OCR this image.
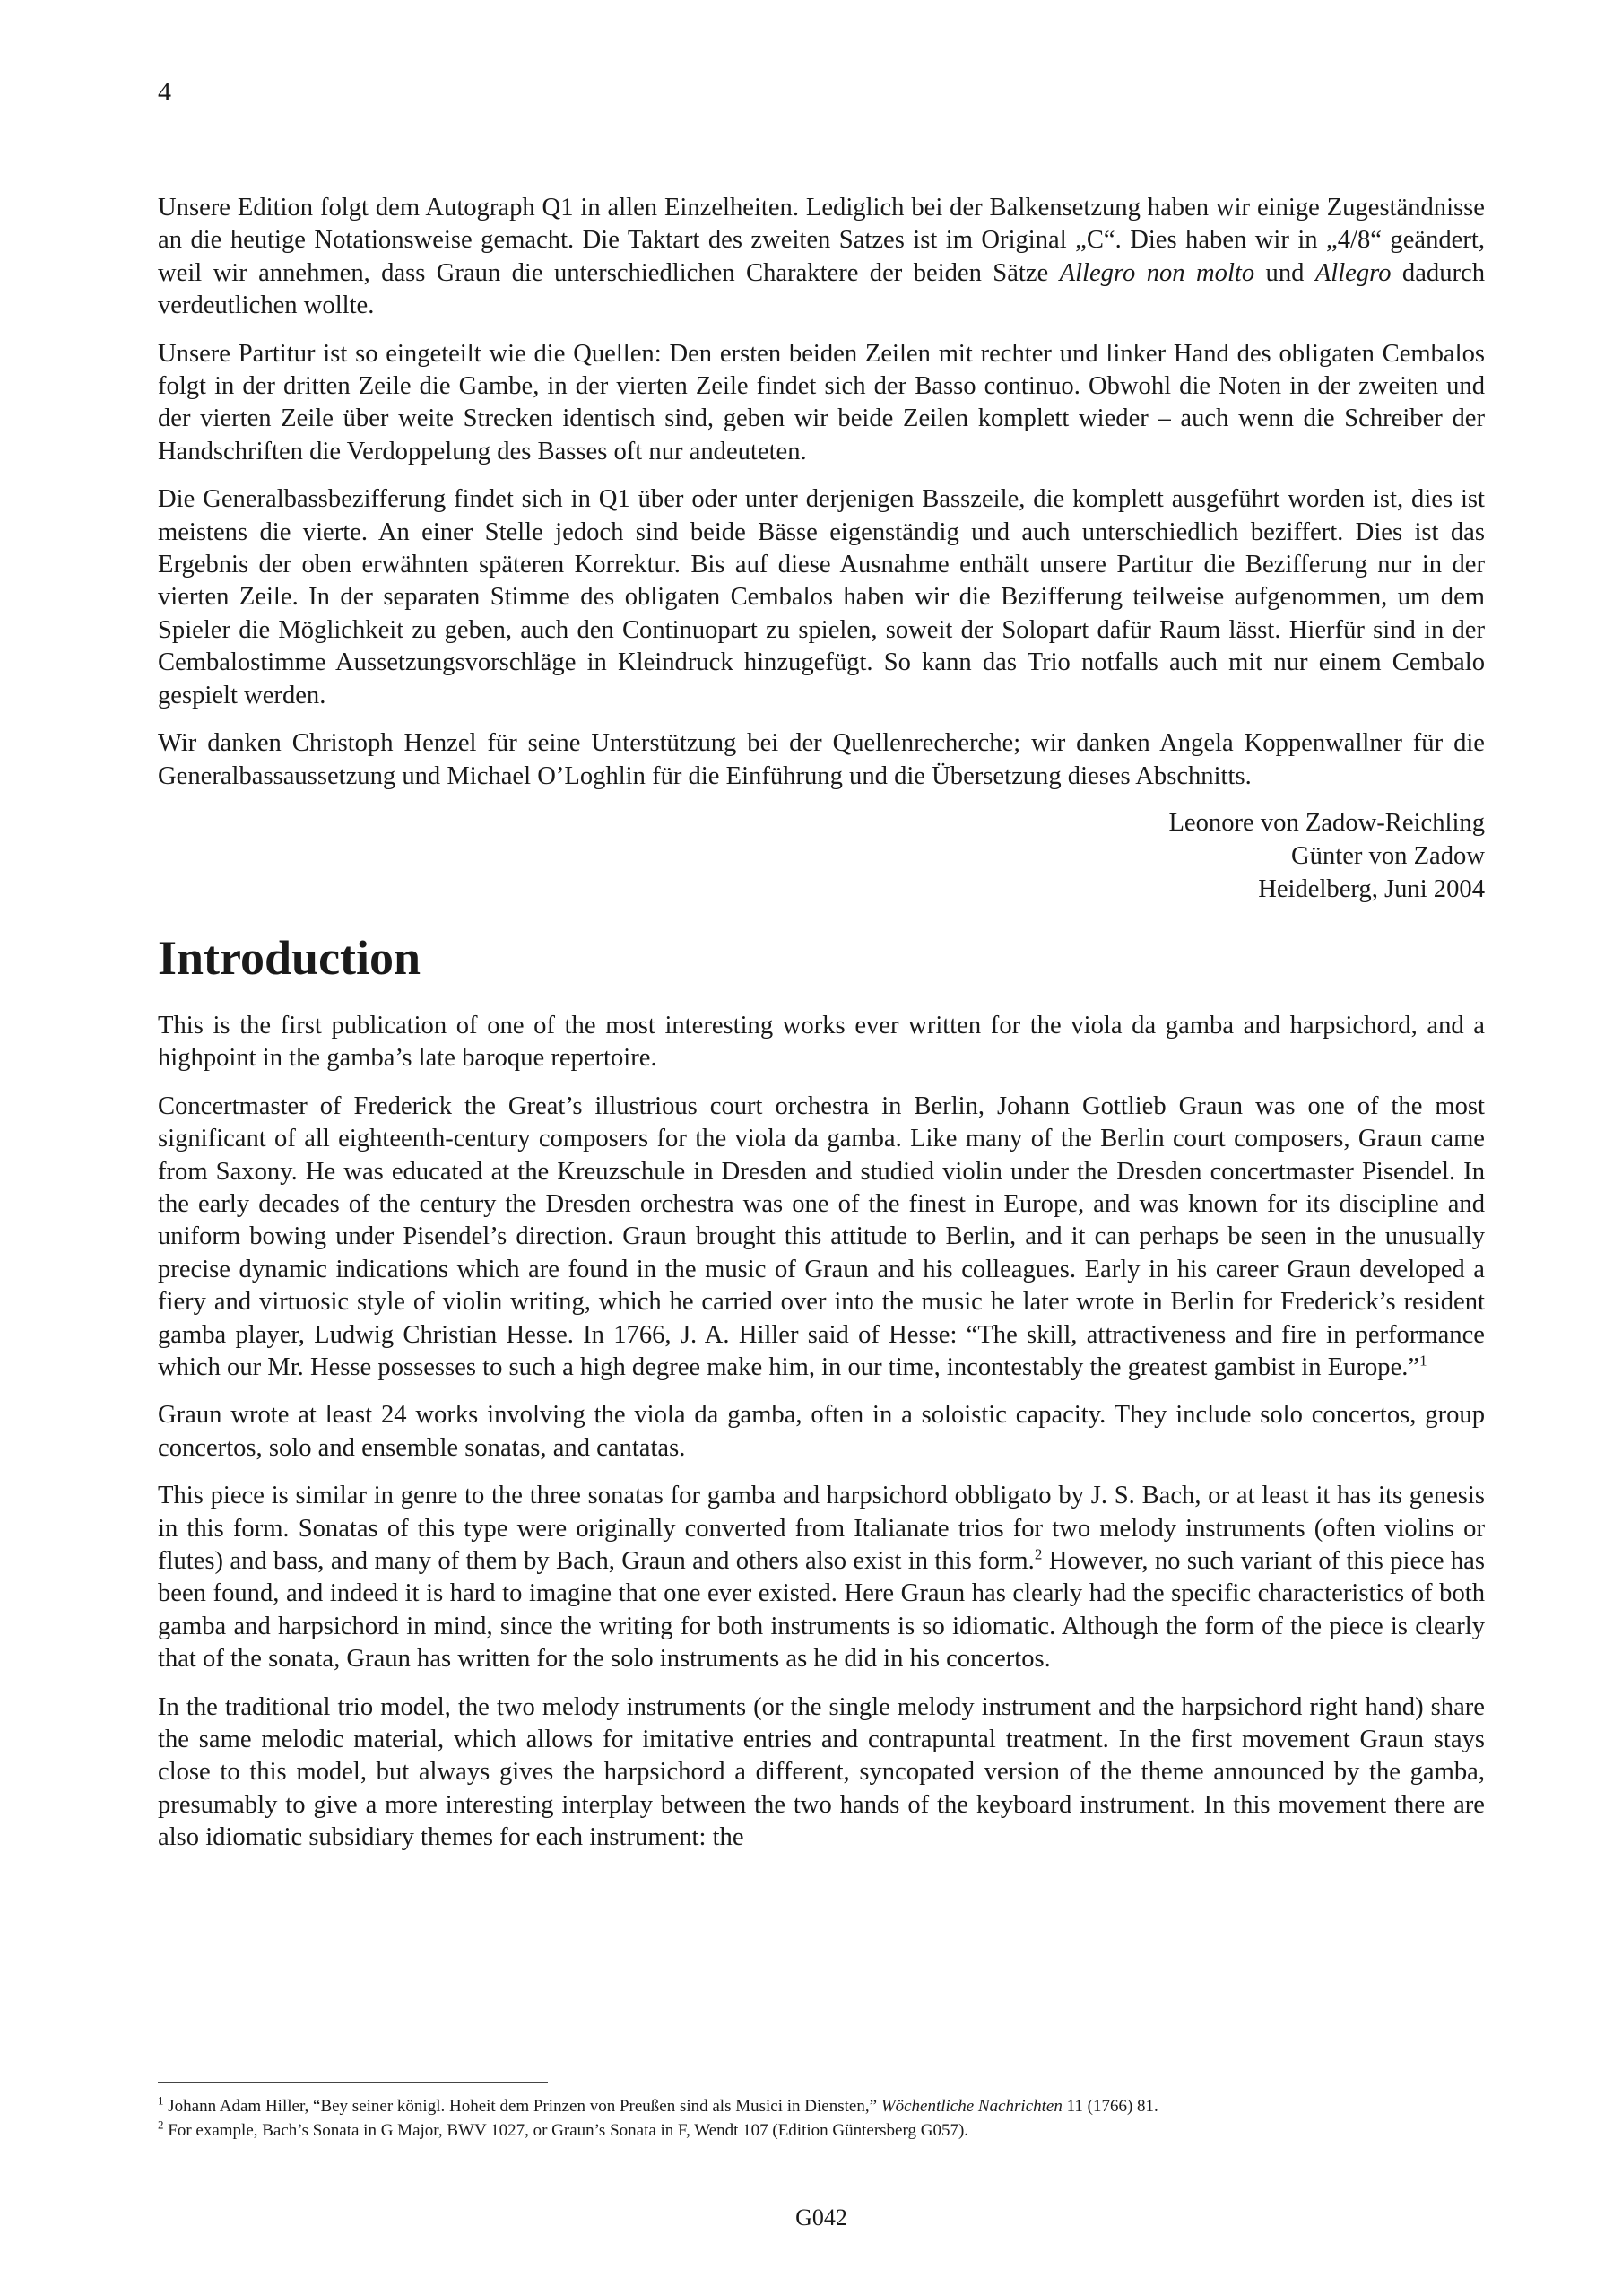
4

Unsere Edition folgt dem Autograph Q1 in allen Einzelheiten. Lediglich bei der Balkensetzung haben wir einige Zugeständnisse an die heutige Notationsweise gemacht. Die Taktart des zweiten Satzes ist im Original „C“. Dies haben wir in „4/8“ geändert, weil wir annehmen, dass Graun die unterschiedlichen Charaktere der beiden Sätze Allegro non molto und Allegro dadurch verdeutlichen wollte.

Unsere Partitur ist so eingeteilt wie die Quellen: Den ersten beiden Zeilen mit rechter und linker Hand des obligaten Cembalos folgt in der dritten Zeile die Gambe, in der vierten Zeile findet sich der Basso continuo. Obwohl die Noten in der zweiten und der vierten Zeile über weite Strecken identisch sind, geben wir beide Zeilen komplett wieder – auch wenn die Schreiber der Handschriften die Verdoppelung des Basses oft nur andeuteten.

Die Generalbassbezifferung findet sich in Q1 über oder unter derjenigen Basszeile, die komplett ausgeführt worden ist, dies ist meistens die vierte. An einer Stelle jedoch sind beide Bässe eigenständig und auch unterschiedlich beziffert. Dies ist das Ergebnis der oben erwähnten späteren Korrektur. Bis auf diese Ausnahme enthält unsere Partitur die Bezifferung nur in der vierten Zeile. In der separaten Stimme des obligaten Cembalos haben wir die Bezifferung teilweise aufgenommen, um dem Spieler die Möglichkeit zu geben, auch den Continuopart zu spielen, soweit der Solopart dafür Raum lässt. Hierfür sind in der Cembalostimme Aussetzungsvorschläge in Kleindruck hinzugefügt. So kann das Trio notfalls auch mit nur einem Cembalo gespielt werden.

Wir danken Christoph Henzel für seine Unterstützung bei der Quellenrecherche; wir danken Angela Koppenwallner für die Generalbassaussetzung und Michael O’Loghlin für die Einführung und die Übersetzung dieses Abschnitts.

Leonore von Zadow-Reichling
Günter von Zadow
Heidelberg, Juni 2004
Introduction

This is the first publication of one of the most interesting works ever written for the viola da gamba and harpsichord, and a highpoint in the gamba’s late baroque repertoire.

Concertmaster of Frederick the Great’s illustrious court orchestra in Berlin, Johann Gottlieb Graun was one of the most significant of all eighteenth-century composers for the viola da gamba. Like many of the Berlin court composers, Graun came from Saxony. He was educated at the Kreuzschule in Dresden and studied violin under the Dresden concertmaster Pisendel. In the early decades of the century the Dresden orchestra was one of the finest in Europe, and was known for its discipline and uniform bowing under Pisendel’s direction. Graun brought this attitude to Berlin, and it can perhaps be seen in the unusually precise dynamic indications which are found in the music of Graun and his colleagues. Early in his career Graun developed a fiery and virtuosic style of violin writing, which he carried over into the music he later wrote in Berlin for Frederick’s resident gamba player, Ludwig Christian Hesse. In 1766, J. A. Hiller said of Hesse: “The skill, attractiveness and fire in performance which our Mr. Hesse possesses to such a high degree make him, in our time, incontestably the greatest gambist in Europe.”$^1$

Graun wrote at least 24 works involving the viola da gamba, often in a soloistic capacity. They include solo concertos, group concertos, solo and ensemble sonatas, and cantatas.

This piece is similar in genre to the three sonatas for gamba and harpsichord obbligato by J. S. Bach, or at least it has its genesis in this form. Sonatas of this type were originally converted from Italianate trios for two melody instruments (often violins or flutes) and bass, and many of them by Bach, Graun and others also exist in this form.$^2$ However, no such variant of this piece has been found, and indeed it is hard to imagine that one ever existed. Here Graun has clearly had the specific characteristics of both gamba and harpsichord in mind, since the writing for both instruments is so idiomatic. Although the form of the piece is clearly that of the sonata, Graun has written for the solo instruments as he did in his concertos.

In the traditional trio model, the two melody instruments (or the single melody instrument and the harpsichord right hand) share the same melodic material, which allows for imitative entries and contrapuntal treatment. In the first movement Graun stays close to this model, but always gives the harpsichord a different, syncopated version of the theme announced by the gamba, presumably to give a more interesting interplay between the two hands of the keyboard instrument. In this movement there are also idiomatic subsidiary themes for each instrument: the

$^1$ Johann Adam Hiller, “Bey seiner königl. Hoheit dem Prinzen von Preußen sind als Musici in Diensten,” Wöchentliche Nachrichten 11 (1766) 81.
$^2$ For example, Bach’s Sonata in G Major, BWV 1027, or Graun’s Sonata in F, Wendt 107 (Edition Güntersberg G057).
G042
